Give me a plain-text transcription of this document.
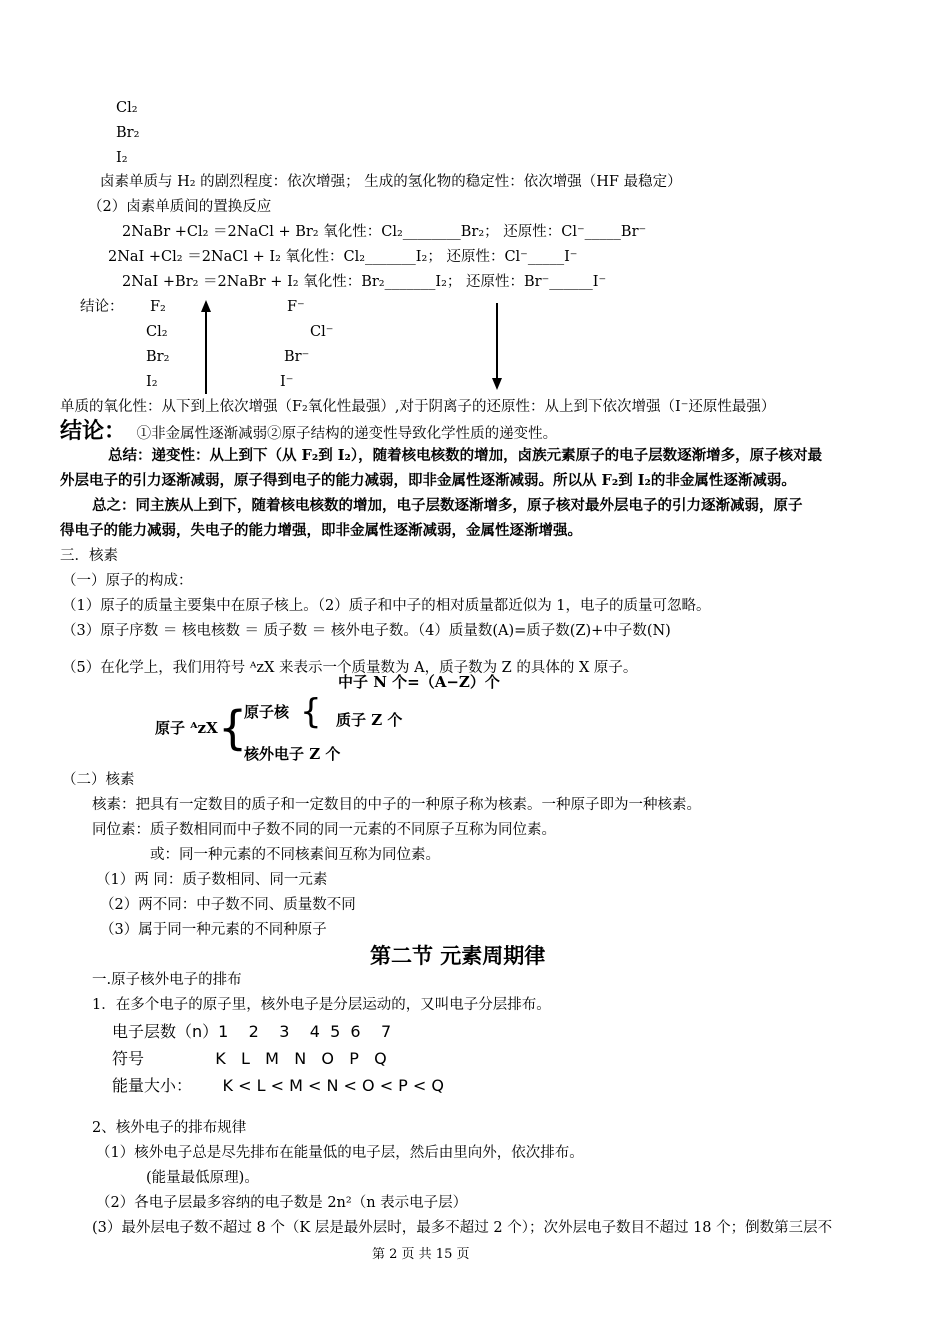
Cl₂
Br₂
I₂
卤素单质与 H₂ 的剧烈程度：依次增强； 生成的氢化物的稳定性：依次增强（HF 最稳定）
（2）卤素单质间的置换反应
2NaBr +Cl₂ ＝2NaCl + Br₂ 氧化性：Cl₂________Br₂； 还原性：Cl⁻_____Br⁻
2NaI +Cl₂ ＝2NaCl + I₂ 氧化性：Cl₂_______I₂； 还原性：Cl⁻_____I⁻
2NaI +Br₂ ＝2NaBr + I₂ 氧化性：Br₂_______I₂； 还原性：Br⁻______I⁻
结论： F₂
Cl₂
Br₂
I₂
F⁻
Cl⁻
Br⁻
I⁻
单质的氧化性：从下到上依次增强（F₂氧化性最强）,对于阴离子的还原性：从上到下依次增强（I⁻还原性最强）
结论： ①非金属性逐渐减弱②原子结构的递变性导致化学性质的递变性。
总结：递变性：从上到下（从 F₂到 I₂），随着核电核数的增加，卤族元素原子的电子层数逐渐增多，原子核对最
外层电子的引力逐渐减弱，原子得到电子的能力减弱，即非金属性逐渐减弱。所以从 F₂到 I₂的非金属性逐渐减弱。
总之：同主族从上到下，随着核电核数的增加，电子层数逐渐增多，原子核对最外层电子的引力逐渐减弱，原子
得电子的能力减弱，失电子的能力增强，即非金属性逐渐减弱，金属性逐渐增强。
三．核素
（一）原子的构成：
（1）原子的质量主要集中在原子核上。（2）质子和中子的相对质量都近似为 1，电子的质量可忽略。
（3）原子序数 ＝ 核电核数 ＝ 质子数 ＝ 核外电子数。（4）质量数(A)=质子数(Z)+中子数(N)
（5）在化学上，我们用符号 ᴬᴢX 来表示一个质量数为 A，质子数为 Z 的具体的 X 原子。
中子 N 个=（A−Z）个
原子 ᴬᴢX {
原子核 { 质子 Z 个
核外电子 Z 个
（二）核素
核素：把具有一定数目的质子和一定数目的中子的一种原子称为核素。一种原子即为一种核素。
同位素：质子数相同而中子数不同的同一元素的不同原子互称为同位素。
或：同一种元素的不同核素间互称为同位素。
（1）两 同：质子数相同、同一元素
（2）两不同：中子数不同、质量数不同
（3）属于同一种元素的不同种原子
第二节 元素周期律
一.原子核外电子的排布
1．在多个电子的原子里，核外电子是分层运动的，又叫电子分层排布。
电子层数（n）1    2    3    4  5  6    7
符号              K   L   M   N   O   P   Q
能量大小：      K < L < M < N < O < P < Q
2、核外电子的排布规律
（1）核外电子总是尽先排布在能量低的电子层，然后由里向外，依次排布。
(能量最低原理)。
（2）各电子层最多容纳的电子数是 2n²（n 表示电子层）
(3）最外层电子数不超过 8 个（K 层是最外层时，最多不超过 2 个）；次外层电子数目不超过 18 个；倒数第三层不
第 2 页 共 15 页
